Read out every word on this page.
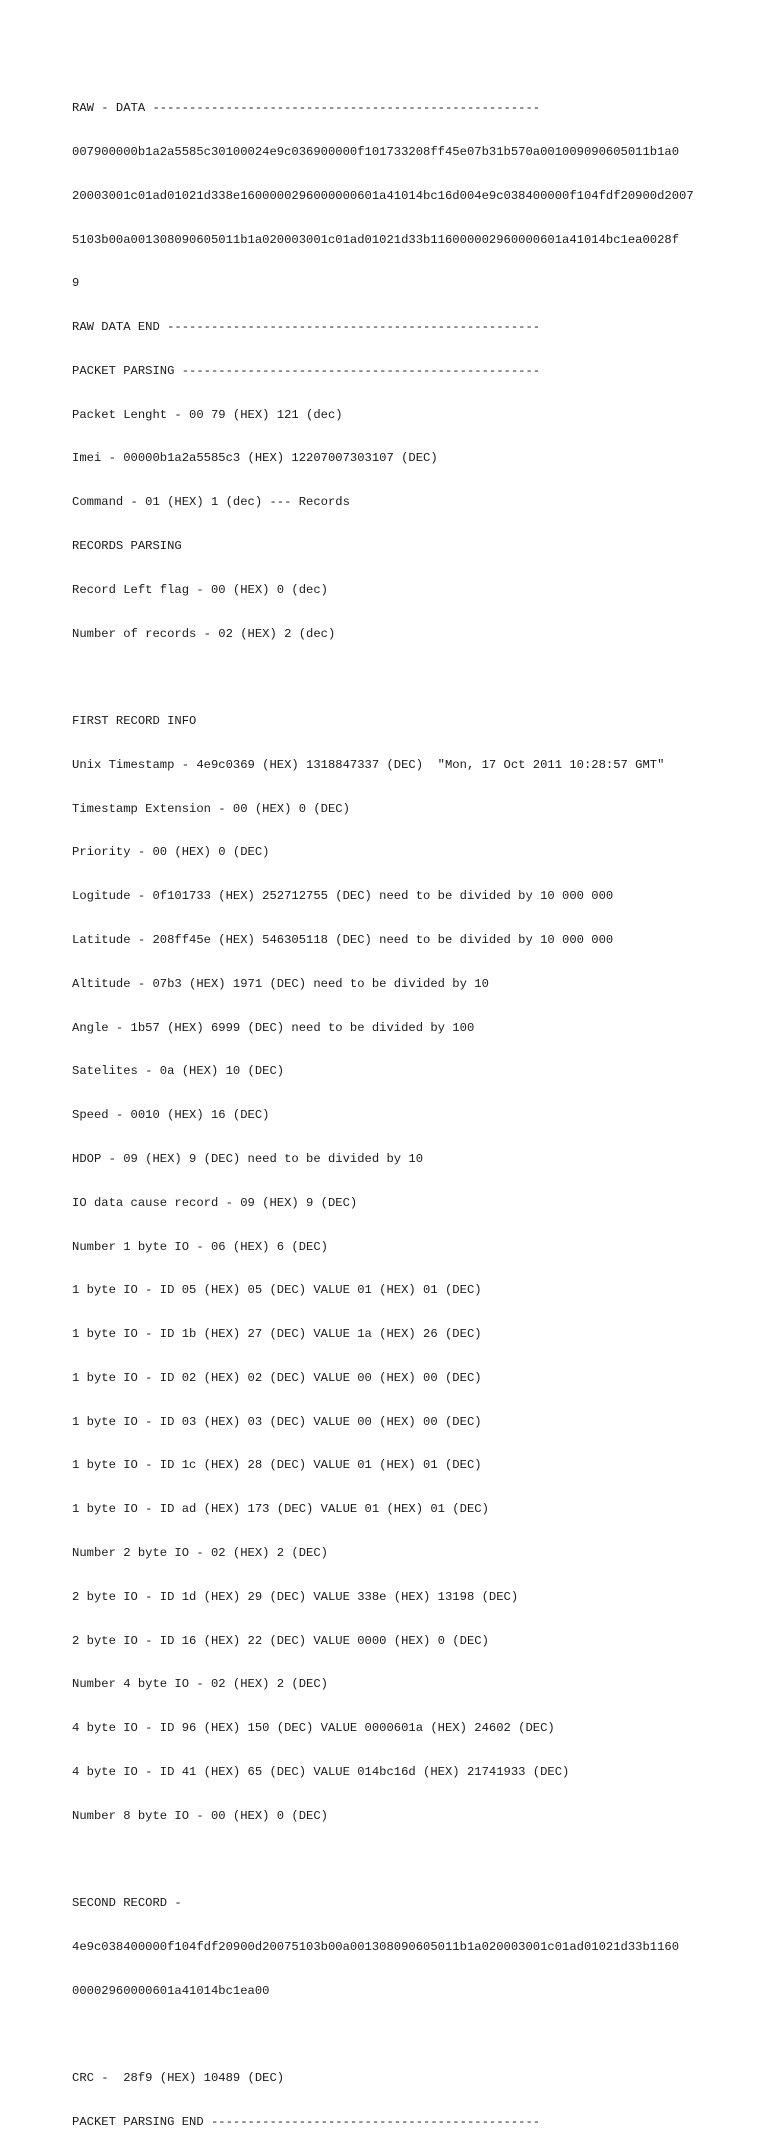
RAW - DATA -----------------------------------------------------

007900000b1a2a5585c30100024e9c036900000f101733208ff45e07b31b570a001009090605011b1a0

20003001c01ad01021d338e1600000296000000601a41014bc16d004e9c038400000f104fdf20900d2007

5103b00a001308090605011b1a020003001c01ad01021d33b116000002960000601a41014bc1ea0028f

9

RAW DATA END ---------------------------------------------------

PACKET PARSING -------------------------------------------------

Packet Lenght - 00 79 (HEX) 121 (dec)

Imei - 00000b1a2a5585c3 (HEX) 12207007303107 (DEC)

Command - 01 (HEX) 1 (dec) --- Records

RECORDS PARSING

Record Left flag - 00 (HEX) 0 (dec)

Number of records - 02 (HEX) 2 (dec)

FIRST RECORD INFO

Unix Timestamp - 4e9c0369 (HEX) 1318847337 (DEC)  "Mon, 17 Oct 2011 10:28:57 GMT"

Timestamp Extension - 00 (HEX) 0 (DEC)

Priority - 00 (HEX) 0 (DEC)

Logitude - 0f101733 (HEX) 252712755 (DEC) need to be divided by 10 000 000

Latitude - 208ff45e (HEX) 546305118 (DEC) need to be divided by 10 000 000

Altitude - 07b3 (HEX) 1971 (DEC) need to be divided by 10

Angle - 1b57 (HEX) 6999 (DEC) need to be divided by 100

Satelites - 0a (HEX) 10 (DEC)

Speed - 0010 (HEX) 16 (DEC)

HDOP - 09 (HEX) 9 (DEC) need to be divided by 10

IO data cause record - 09 (HEX) 9 (DEC)

Number 1 byte IO - 06 (HEX) 6 (DEC)

1 byte IO - ID 05 (HEX) 05 (DEC) VALUE 01 (HEX) 01 (DEC)

1 byte IO - ID 1b (HEX) 27 (DEC) VALUE 1a (HEX) 26 (DEC)

1 byte IO - ID 02 (HEX) 02 (DEC) VALUE 00 (HEX) 00 (DEC)

1 byte IO - ID 03 (HEX) 03 (DEC) VALUE 00 (HEX) 00 (DEC)

1 byte IO - ID 1c (HEX) 28 (DEC) VALUE 01 (HEX) 01 (DEC)

1 byte IO - ID ad (HEX) 173 (DEC) VALUE 01 (HEX) 01 (DEC)

Number 2 byte IO - 02 (HEX) 2 (DEC)

2 byte IO - ID 1d (HEX) 29 (DEC) VALUE 338e (HEX) 13198 (DEC)

2 byte IO - ID 16 (HEX) 22 (DEC) VALUE 0000 (HEX) 0 (DEC)

Number 4 byte IO - 02 (HEX) 2 (DEC)

4 byte IO - ID 96 (HEX) 150 (DEC) VALUE 0000601a (HEX) 24602 (DEC)

4 byte IO - ID 41 (HEX) 65 (DEC) VALUE 014bc16d (HEX) 21741933 (DEC)

Number 8 byte IO - 00 (HEX) 0 (DEC)

SECOND RECORD -

4e9c038400000f104fdf20900d20075103b00a001308090605011b1a020003001c01ad01021d33b1160

00002960000601a41014bc1ea00

CRC -  28f9 (HEX) 10489 (DEC)

PACKET PARSING END ---------------------------------------------
